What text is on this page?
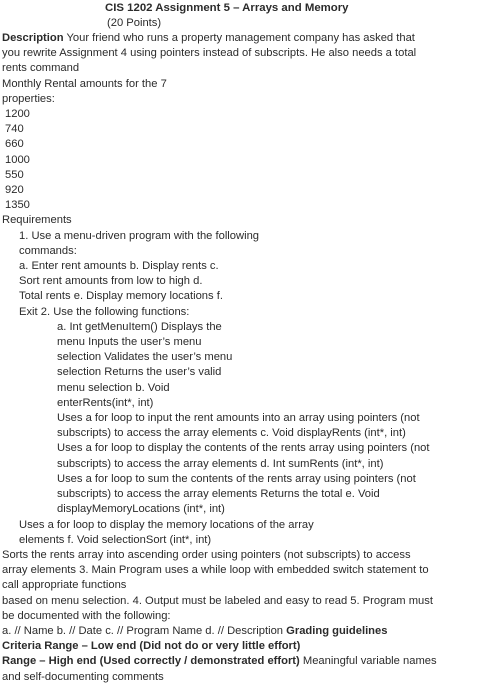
CIS 1202 Assignment 5 – Arrays and Memory
(20 Points)
Description Your friend who runs a property management company has asked that
you rewrite Assignment 4 using pointers instead of subscripts. He also needs a total
rents command
Monthly Rental amounts for the 7
properties:
1200
740
660
1000
550
920
1350
Requirements
1. Use a menu-driven program with the following
commands:
a. Enter rent amounts b. Display rents c.
Sort rent amounts from low to high d.
Total rents e. Display memory locations f.
Exit 2. Use the following functions:
a. Int getMenuItem() Displays the
menu Inputs the user’s menu
selection Validates the user’s menu
selection Returns the user’s valid
menu selection b. Void
enterRents(int*, int)
Uses a for loop to input the rent amounts into an array using pointers (not
subscripts) to access the array elements c. Void displayRents (int*, int)
Uses a for loop to display the contents of the rents array using pointers (not
subscripts) to access the array elements d. Int sumRents (int*, int)
Uses a for loop to sum the contents of the rents array using pointers (not
subscripts) to access the array elements Returns the total e. Void
displayMemoryLocations (int*, int)
Uses a for loop to display the memory locations of the array
elements f. Void selectionSort (int*, int)
Sorts the rents array into ascending order using pointers (not subscripts) to access
array elements 3. Main Program uses a while loop with embedded switch statement to
call appropriate functions
based on menu selection. 4. Output must be labeled and easy to read 5. Program must
be documented with the following:
a. // Name b. // Date c. // Program Name d. // Description Grading guidelines
Criteria Range – Low end (Did not do or very little effort)
Range – High end (Used correctly / demonstrated effort) Meaningful variable names
and self-documenting comments
